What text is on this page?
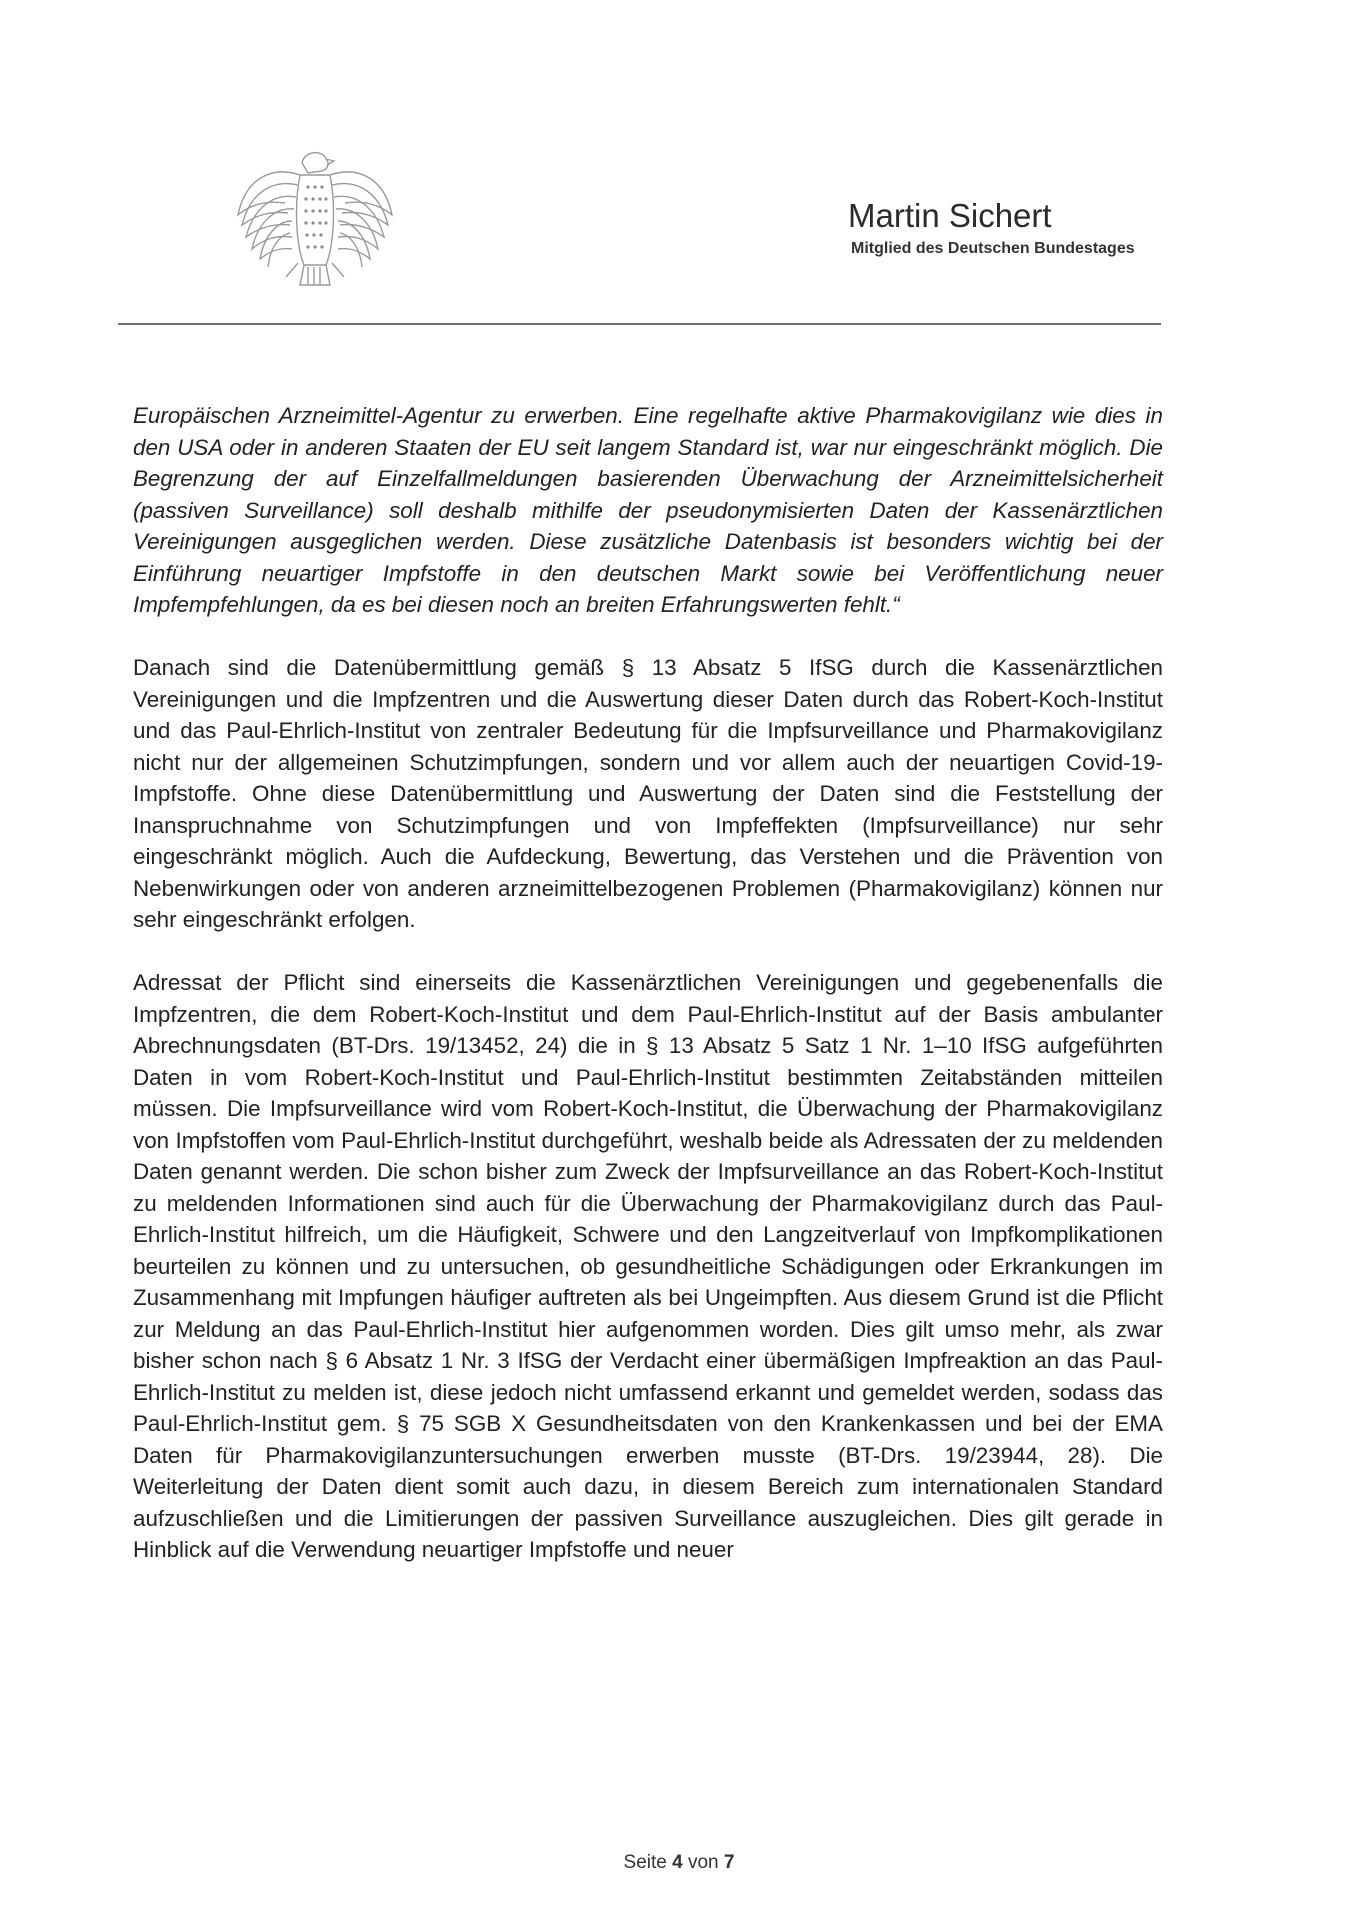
Martin Sichert
Mitglied des Deutschen Bundestages

Europäischen Arzneimittel-Agentur zu erwerben. Eine regelhafte aktive Pharmakovigilanz wie dies in den USA oder in anderen Staaten der EU seit langem Standard ist, war nur eingeschränkt möglich. Die Begrenzung der auf Einzelfallmeldungen basierenden Überwachung der Arzneimittelsicherheit (passiven Surveillance) soll deshalb mithilfe der pseudonymisierten Daten der Kassenärztlichen Vereinigungen ausgeglichen werden. Diese zusätzliche Datenbasis ist besonders wichtig bei der Einführung neuartiger Impfstoffe in den deutschen Markt sowie bei Veröffentlichung neuer Impfempfehlungen, da es bei diesen noch an breiten Erfahrungswerten fehlt.“

Danach sind die Datenübermittlung gemäß § 13 Absatz 5 IfSG durch die Kassenärztlichen Vereinigungen und die Impfzentren und die Auswertung dieser Daten durch das Robert-Koch-Institut und das Paul-Ehrlich-Institut von zentraler Bedeutung für die Impfsurveillance und Pharmakovigilanz nicht nur der allgemeinen Schutzimpfungen, sondern und vor allem auch der neuartigen Covid-19-Impfstoffe. Ohne diese Datenübermittlung und Auswertung der Daten sind die Feststellung der Inanspruchnahme von Schutzimpfungen und von Impfeffekten (Impfsurveillance) nur sehr eingeschränkt möglich. Auch die Aufdeckung, Bewertung, das Verstehen und die Prävention von Nebenwirkungen oder von anderen arzneimittelbezogenen Problemen (Pharmakovigilanz) können nur sehr eingeschränkt erfolgen.

Adressat der Pflicht sind einerseits die Kassenärztlichen Vereinigungen und gegebenenfalls die Impfzentren, die dem Robert-Koch-Institut und dem Paul-Ehrlich-Institut auf der Basis ambulanter Abrechnungsdaten (BT-Drs. 19/13452, 24) die in § 13 Absatz 5 Satz 1 Nr. 1–10 IfSG aufgeführten Daten in vom Robert-Koch-Institut und Paul-Ehrlich-Institut bestimmten Zeitabständen mitteilen müssen. Die Impfsurveillance wird vom Robert-Koch-Institut, die Überwachung der Pharmakovigilanz von Impfstoffen vom Paul-Ehrlich-Institut durchgeführt, weshalb beide als Adressaten der zu meldenden Daten genannt werden. Die schon bisher zum Zweck der Impfsurveillance an das Robert-Koch-Institut zu meldenden Informationen sind auch für die Überwachung der Pharmakovigilanz durch das Paul-Ehrlich-Institut hilfreich, um die Häufigkeit, Schwere und den Langzeitverlauf von Impfkomplikationen beurteilen zu können und zu untersuchen, ob gesundheitliche Schädigungen oder Erkrankungen im Zusammenhang mit Impfungen häufiger auftreten als bei Ungeimpften. Aus diesem Grund ist die Pflicht zur Meldung an das Paul-Ehrlich-Institut hier aufgenommen worden. Dies gilt umso mehr, als zwar bisher schon nach § 6 Absatz 1 Nr. 3 IfSG der Verdacht einer übermäßigen Impfreaktion an das Paul-Ehrlich-Institut zu melden ist, diese jedoch nicht umfassend erkannt und gemeldet werden, sodass das Paul-Ehrlich-Institut gem. § 75 SGB X Gesundheitsdaten von den Krankenkassen und bei der EMA Daten für Pharmakovigilanzuntersuchungen erwerben musste (BT-Drs. 19/23944, 28). Die Weiterleitung der Daten dient somit auch dazu, in diesem Bereich zum internationalen Standard aufzuschließen und die Limitierungen der passiven Surveillance auszugleichen. Dies gilt gerade in Hinblick auf die Verwendung neuartiger Impfstoffe und neuer

Seite 4 von 7
